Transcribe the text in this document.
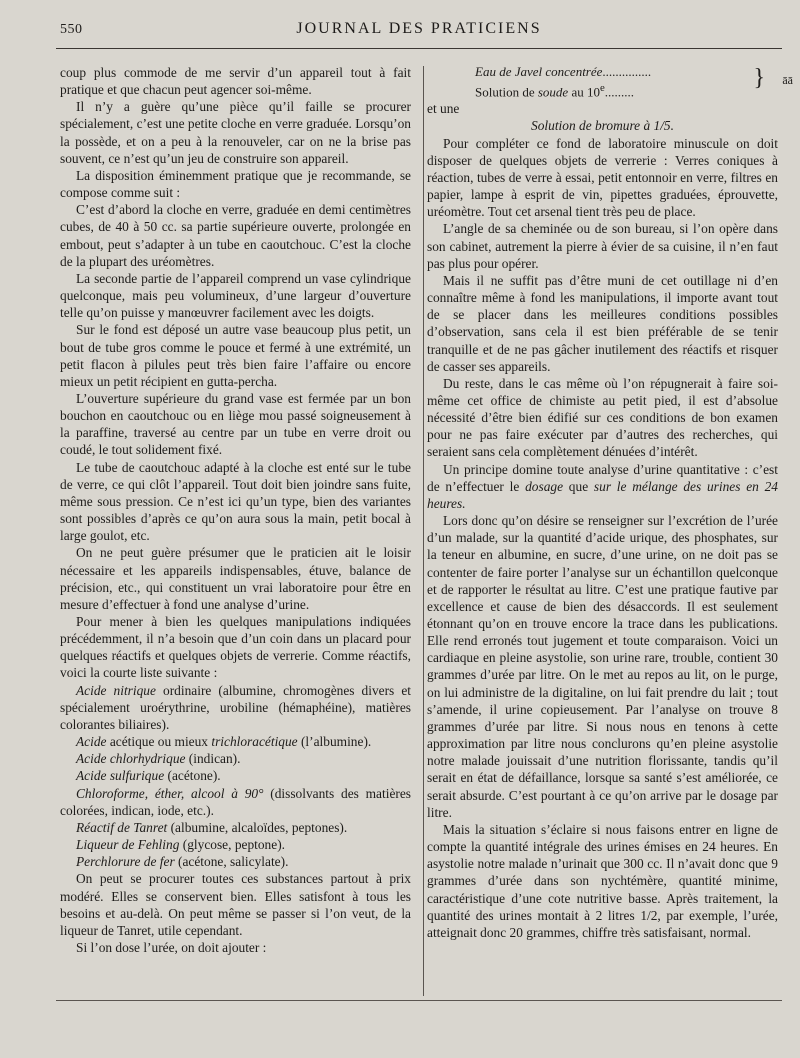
550	JOURNAL DES PRATICIENS

coup plus commode de me servir d’un appareil tout à fait pratique et que chacun peut agencer soi-même.

Il n’y a guère qu’une pièce qu’il faille se procurer spécialement, c’est une petite cloche en verre graduée. Lorsqu’on la possède, et on a peu à la renouveler, car on ne la brise pas souvent, ce n’est qu’un jeu de construire son appareil.

La disposition éminemment pratique que je recommande, se compose comme suit :

C’est d’abord la cloche en verre, graduée en demi centimètres cubes, de 40 à 50 cc. sa partie supérieure ouverte, prolongée en embout, peut s’adapter à un tube en caoutchouc. C’est la cloche de la plupart des uréomètres.

La seconde partie de l’appareil comprend un vase cylindrique quelconque, mais peu volumineux, d’une largeur d’ouverture telle qu’on puisse y manœuvrer facilement avec les doigts.

Sur le fond est déposé un autre vase beaucoup plus petit, un bout de tube gros comme le pouce et fermé à une extrémité, un petit flacon à pilules peut très bien faire l’affaire ou encore mieux un petit récipient en gutta-percha.

L’ouverture supérieure du grand vase est fermée par un bon bouchon en caoutchouc ou en liège mou passé soigneusement à la paraffine, traversé au centre par un tube en verre droit ou coudé, le tout solidement fixé.

Le tube de caoutchouc adapté à la cloche est enté sur le tube de verre, ce qui clôt l’appareil. Tout doit bien joindre sans fuite, même sous pression. Ce n’est ici qu’un type, bien des variantes sont possibles d’après ce qu’on aura sous la main, petit bocal à large goulot, etc.

On ne peut guère présumer que le praticien ait le loisir nécessaire et les appareils indispensables, étuve, balance de précision, etc., qui constituent un vrai laboratoire pour être en mesure d’effectuer à fond une analyse d’urine.

Pour mener à bien les quelques manipulations indiquées précédemment, il n’a besoin que d’un coin dans un placard pour quelques réactifs et quelques objets de verrerie. Comme réactifs, voici la courte liste suivante :

Acide nitrique ordinaire (albumine, chromogènes divers et spécialement uroérythrine, urobiline (hémaphéine), matières colorantes biliaires).

Acide acétique ou mieux trichloracétique (l’albumine).

Acide chlorhydrique (indican).

Acide sulfurique (acétone).

Chloroforme, éther, alcool à 90° (dissolvants des matières colorées, indican, iode, etc.).

Réactif de Tanret (albumine, alcaloïdes, peptones).

Liqueur de Fehling (glycose, peptone).

Perchlorure de fer (acétone, salicylate).

On peut se procurer toutes ces substances partout à prix modéré. Elles se conservent bien. Elles satisfont à tous les besoins et au-delà. On peut même se passer si l’on veut, de la liqueur de Tanret, utile cependant.

Si l’on dose l’urée, on doit ajouter :

Eau de Javel concentrée...............
Solution de soude au 10e.........
} āā

et une

Solution de bromure à 1/5.

Pour compléter ce fond de laboratoire minuscule on doit disposer de quelques objets de verrerie : Verres coniques à réaction, tubes de verre à essai, petit entonnoir en verre, filtres en papier, lampe à esprit de vin, pipettes graduées, éprouvette, uréomètre. Tout cet arsenal tient très peu de place.

L’angle de sa cheminée ou de son bureau, si l’on opère dans son cabinet, autrement la pierre à évier de sa cuisine, il n’en faut pas plus pour opérer.

Mais il ne suffit pas d’être muni de cet outillage ni d’en connaître même à fond les manipulations, il importe avant tout de se placer dans les meilleures conditions possibles d’observation, sans cela il est bien préférable de se tenir tranquille et de ne pas gâcher inutilement des réactifs et risquer de casser ses appareils.

Du reste, dans le cas même où l’on répugnerait à faire soi-même cet office de chimiste au petit pied, il est d’absolue nécessité d’être bien édifié sur ces conditions de bon examen pour ne pas faire exécuter par d’autres des recherches, qui seraient sans cela complètement dénuées d’intérêt.

Un principe domine toute analyse d’urine quantitative : c’est de n’effectuer le dosage que sur le mélange des urines en 24 heures.

Lors donc qu’on désire se renseigner sur l’excrétion de l’urée d’un malade, sur la quantité d’acide urique, des phosphates, sur la teneur en albumine, en sucre, d’une urine, on ne doit pas se contenter de faire porter l’analyse sur un échantillon quelconque et de rapporter le résultat au litre. C’est une pratique fautive par excellence et cause de bien des désaccords. Il est seulement étonnant qu’on en trouve encore la trace dans les publications. Elle rend erronés tout jugement et toute comparaison. Voici un cardiaque en pleine asystolie, son urine rare, trouble, contient 30 grammes d’urée par litre. On le met au repos au lit, on le purge, on lui administre de la digitaline, on lui fait prendre du lait ; tout s’amende, il urine copieusement. Par l’analyse on trouve 8 grammes d’urée par litre. Si nous nous en tenons à cette approximation par litre nous conclurons qu’en pleine asystolie notre malade jouissait d’une nutrition florissante, tandis qu’il serait en état de défaillance, lorsque sa santé s’est améliorée, ce serait absurde. C’est pourtant à ce qu’on arrive par le dosage par litre.

Mais la situation s’éclaire si nous faisons entrer en ligne de compte la quantité intégrale des urines émises en 24 heures. En asystolie notre malade n’urinait que 300 cc. Il n’avait donc que 9 grammes d’urée dans son nychtémère, quantité minime, caractéristique d’une cote nutritive basse. Après traitement, la quantité des urines montait à 2 litres 1/2, par exemple, l’urée, atteignait donc 20 grammes, chiffre très satisfaisant, normal.
